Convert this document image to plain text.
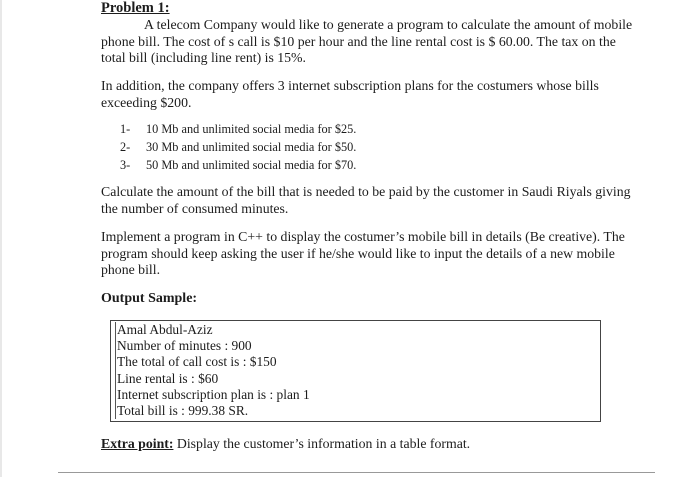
Problem 1:
A telecom Company would like to generate a program to calculate the amount of mobile
phone bill. The cost of s call is $10 per hour and the line rental cost is $ 60.00. The tax on the
total bill (including line rent) is 15%.
In addition, the company offers 3 internet subscription plans for the costumers whose bills
exceeding $200.
1-	10 Mb and unlimited social media for $25.
2-	30 Mb and unlimited social media for $50.
3-	50 Mb and unlimited social media for $70.
Calculate the amount of the bill that is needed to be paid by the customer in Saudi Riyals giving
the number of consumed minutes.
Implement a program in C++ to display the costumer’s mobile bill in details (Be creative). The
program should keep asking the user if he/she would like to input the details of a new mobile
phone bill.
Output Sample:
Amal Abdul-Aziz
Number of minutes : 900
The total of call cost is : $150
Line rental is : $60
Internet subscription plan is : plan 1
Total bill is : 999.38 SR.
Extra point: Display the customer’s information in a table format.
